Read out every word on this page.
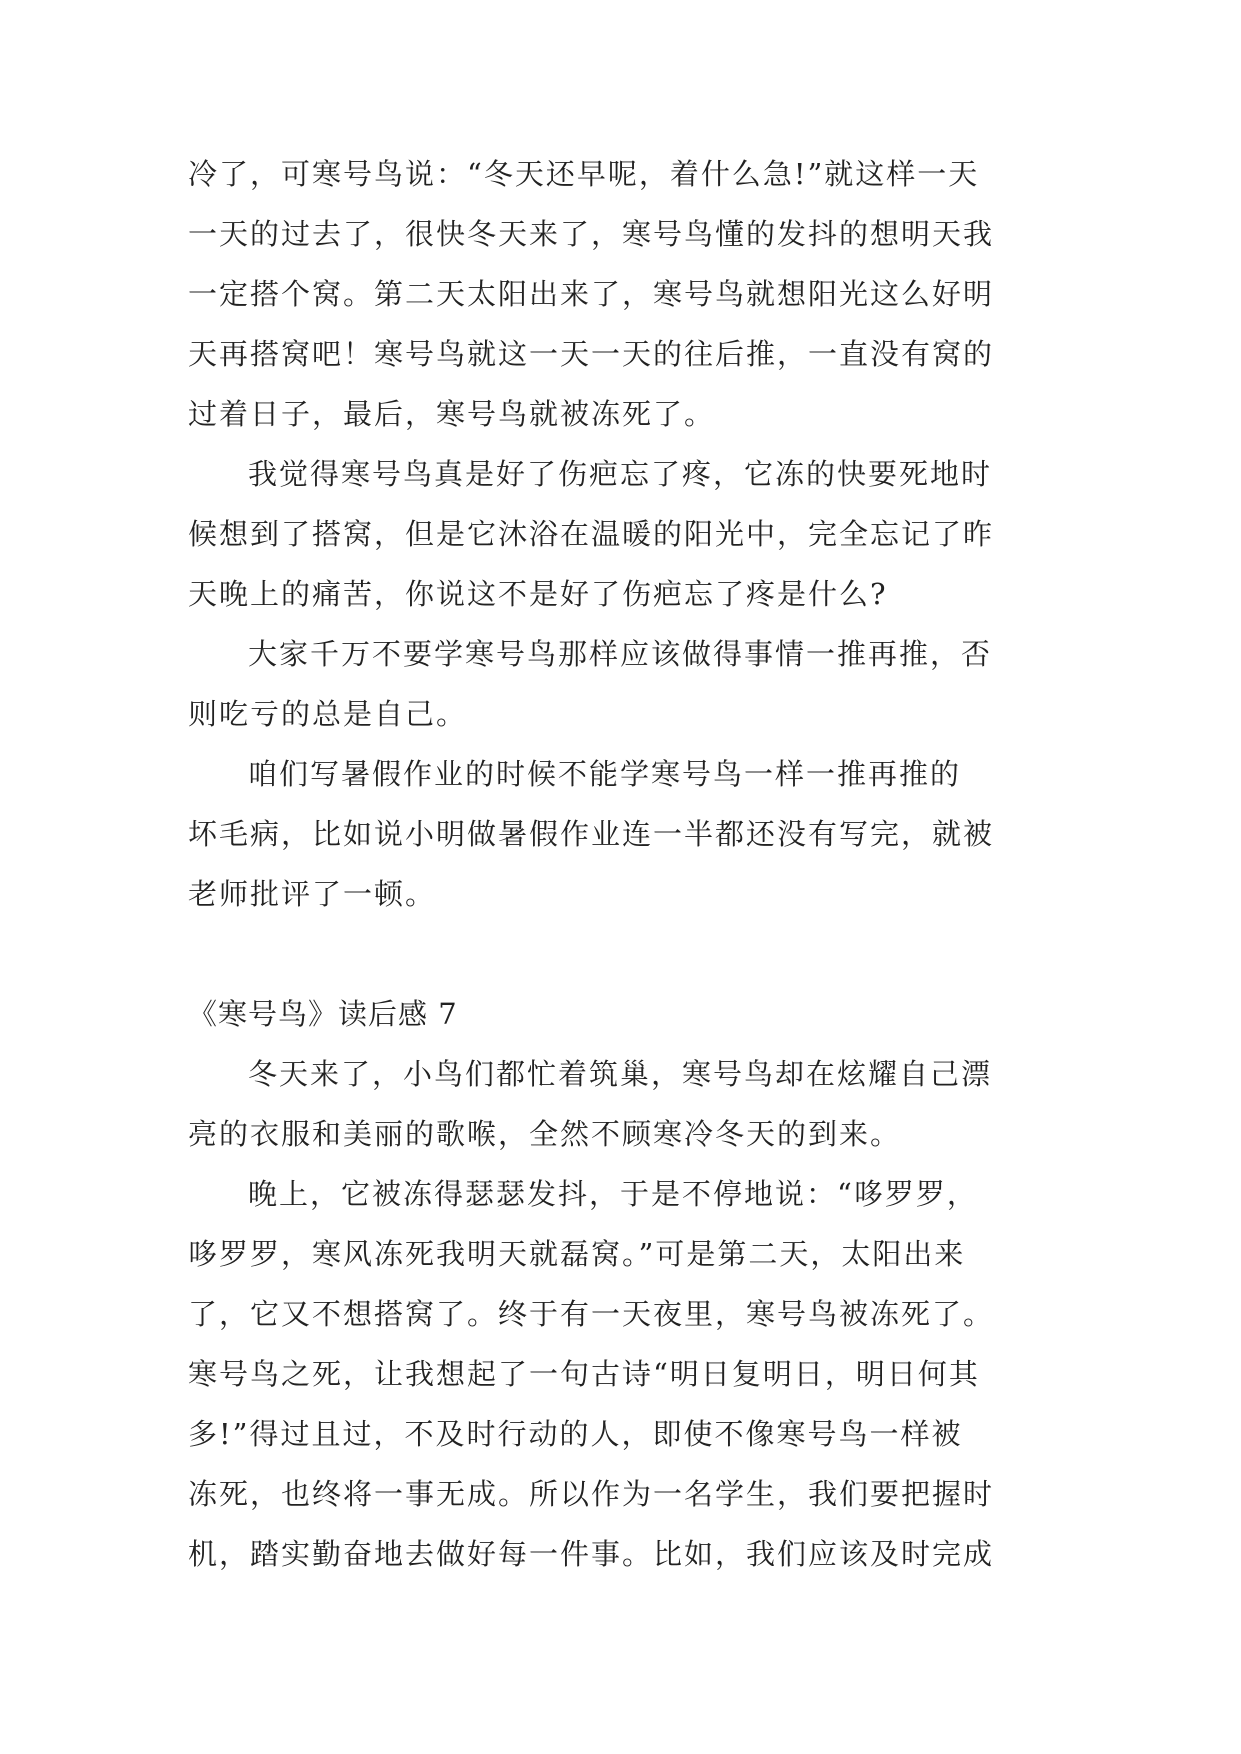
冷了，可寒号鸟说：“冬天还早呢，着什么急!”就这样一天
一天的过去了，很快冬天来了，寒号鸟懂的发抖的想明天我
一定搭个窝。第二天太阳出来了，寒号鸟就想阳光这么好明
天再搭窝吧！寒号鸟就这一天一天的往后推，一直没有窝的
过着日子，最后，寒号鸟就被冻死了。
我觉得寒号鸟真是好了伤疤忘了疼，它冻的快要死地时
候想到了搭窝，但是它沐浴在温暖的阳光中，完全忘记了昨
天晚上的痛苦，你说这不是好了伤疤忘了疼是什么?
大家千万不要学寒号鸟那样应该做得事情一推再推，否
则吃亏的总是自己。
咱们写暑假作业的时候不能学寒号鸟一样一推再推的
坏毛病，比如说小明做暑假作业连一半都还没有写完，就被
老师批评了一顿。
《寒号鸟》读后感 7
冬天来了，小鸟们都忙着筑巢，寒号鸟却在炫耀自己漂
亮的衣服和美丽的歌喉，全然不顾寒冷冬天的到来。
晚上，它被冻得瑟瑟发抖，于是不停地说：“哆罗罗，
哆罗罗，寒风冻死我明天就磊窝。”可是第二天，太阳出来
了，它又不想搭窝了。终于有一天夜里，寒号鸟被冻死了。
寒号鸟之死，让我想起了一句古诗“明日复明日，明日何其
多!”得过且过，不及时行动的人，即使不像寒号鸟一样被
冻死，也终将一事无成。所以作为一名学生，我们要把握时
机，踏实勤奋地去做好每一件事。比如，我们应该及时完成
